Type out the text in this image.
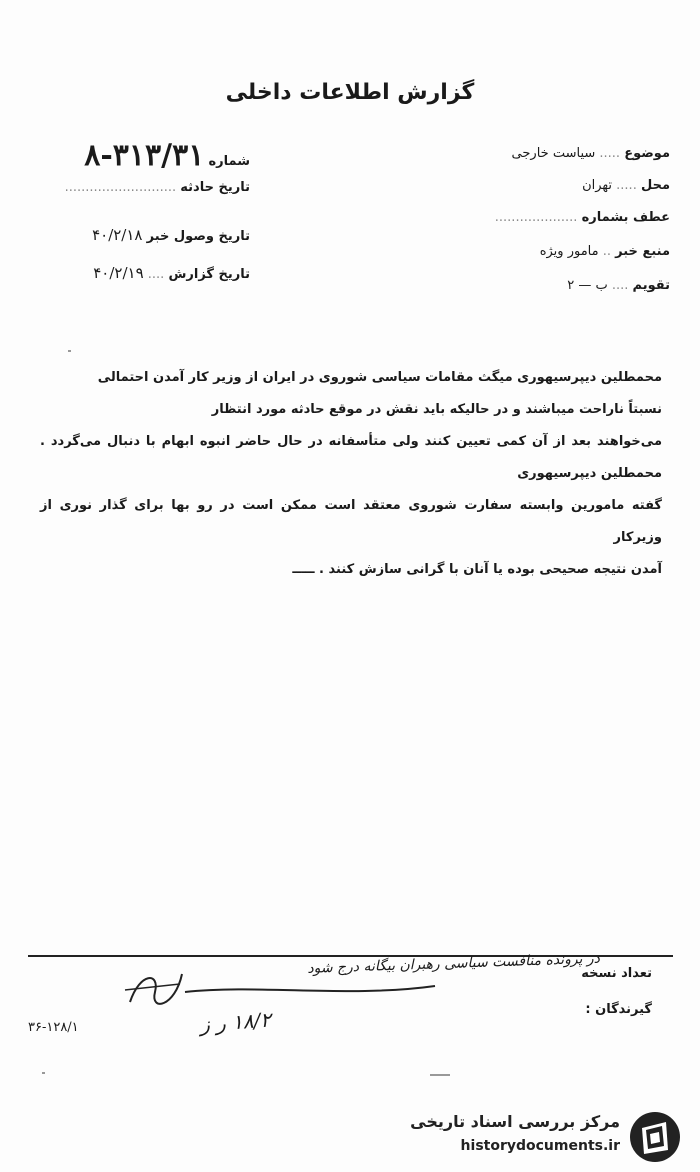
گزارش اطلاعات داخلی
موضوع ..... سیاست خارجی
محل ..... تهران
عطف بشماره ....................
منبع خبر .. مامور ویژه
تقویم .... ب — ۲
شماره ۳۱۳/۳۱-۸
تاریخ حادثه ...........................
تاریخ وصول خبر ۴۰/۲/۱۸
تاریخ گزارش .... ۴۰/۲/۱۹
محمطلین دیپرسیهوری میگث مقامات سیاسی شوروی در ایران از وزیر کار آمدن احتمالی
نسبتاً ناراحت میباشند و در حالیکه باید نقش در موقع حادثه مورد انتظار
می‌خواهند بعد از آن کمی تعیین کنند ولی متأسفانه در حال حاضر انبوه ابهام با دنبال می‌گردد . محمطلین دیپرسیهوری
گفته مامورین وابسته سفارت شوروی معتقد است ممکن است در رو بها برای گذار نوری از وزیرکار
آمدن نتیجه صحیحی بوده یا آنان با گرانی سازش کنند . ـــــ
تعداد نسخه
گیرندگان :
در پرونده منافست سیاسی رهبران بیگانه درج شود
۱۸/۲ ر ز
۳۶-۱۲۸/۱
مرکز بررسی اسناد تاریخی
historydocuments.ir
